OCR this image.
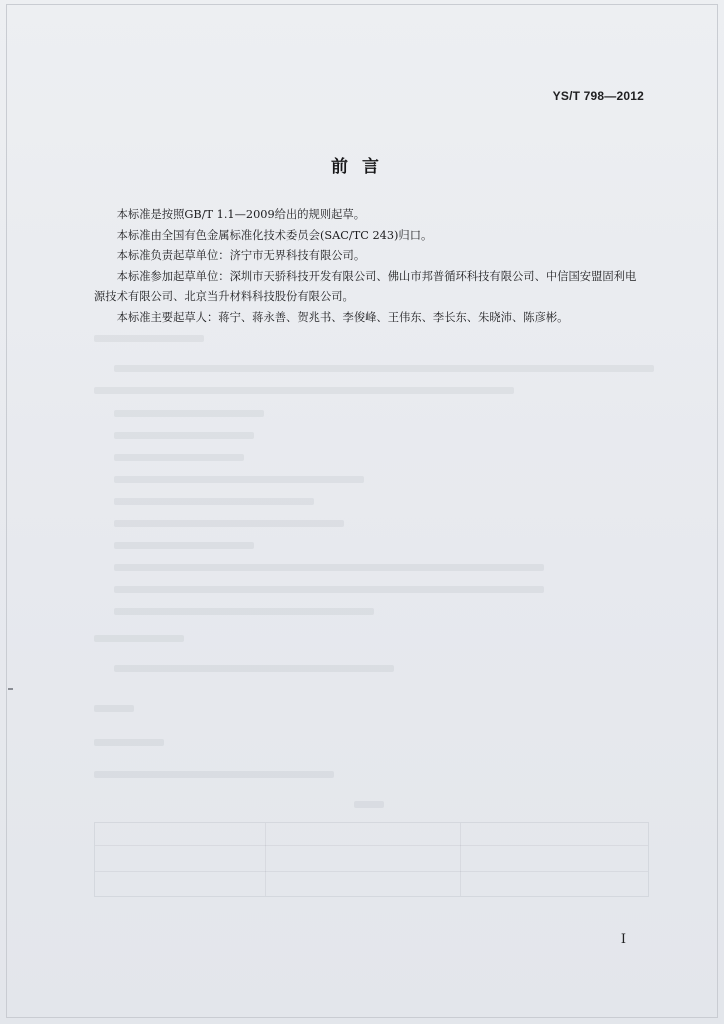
YS/T 798—2012
前言

本标准是按照GB/T 1.1—2009给出的规则起草。

本标准由全国有色金属标准化技术委员会(SAC/TC 243)归口。

本标准负责起草单位：济宁市无界科技有限公司。

本标准参加起草单位：深圳市天骄科技开发有限公司、佛山市邦普循环科技有限公司、中信国安盟固利电源技术有限公司、北京当升材料科技股份有限公司。

本标准主要起草人：蒋宁、蒋永善、贺兆书、李俊峰、王伟东、李长东、朱晓沛、陈彦彬。

I
